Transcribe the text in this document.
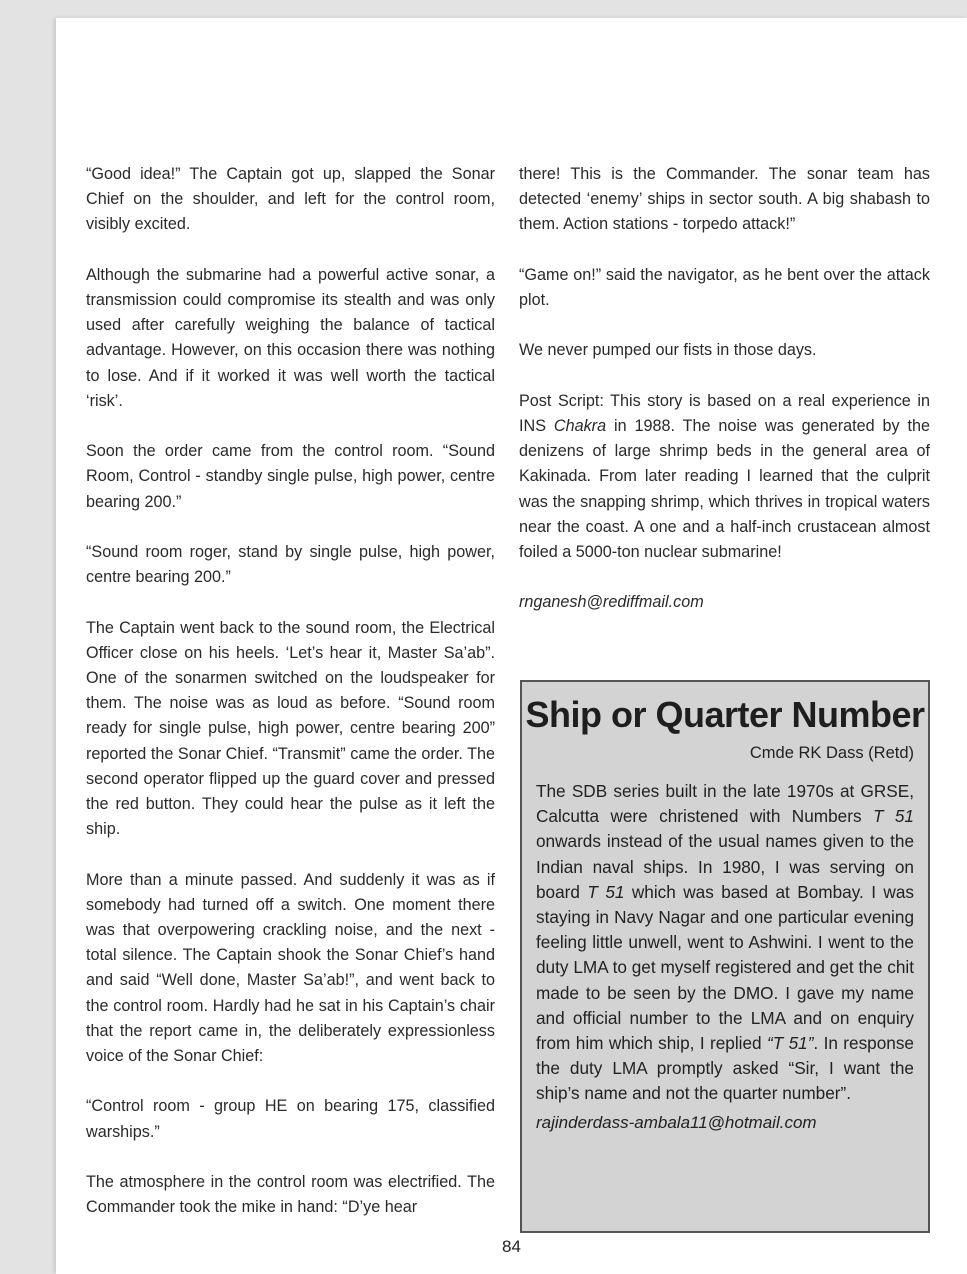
“Good idea!” The Captain got up, slapped the Sonar Chief on the shoulder, and left for the control room, visibly excited.

Although the submarine had a powerful active sonar, a transmission could compromise its stealth and was only used after carefully weighing the balance of tactical advantage. However, on this occasion there was nothing to lose. And if it worked it was well worth the tactical ‘risk’.

Soon the order came from the control room. “Sound Room, Control - standby single pulse, high power, centre bearing 200.”

“Sound room roger, stand by single pulse, high power, centre bearing 200.”

The Captain went back to the sound room, the Electrical Officer close on his heels. ‘Let’s hear it, Master Sa’ab”. One of the sonarmen switched on the loudspeaker for them. The noise was as loud as before. “Sound room ready for single pulse, high power, centre bearing 200” reported the Sonar Chief. “Transmit” came the order. The second operator flipped up the guard cover and pressed the red button. They could hear the pulse as it left the ship.

More than a minute passed. And suddenly it was as if somebody had turned off a switch. One moment there was that overpowering crackling noise, and the next - total silence. The Captain shook the Sonar Chief’s hand and said “Well done, Master Sa’ab!”, and went back to the control room. Hardly had he sat in his Captain’s chair that the report came in, the deliberately expressionless voice of the Sonar Chief:

“Control room - group HE on bearing 175, classified warships.”

The atmosphere in the control room was electrified. The Commander took the mike in hand: “D’ye hear

there! This is the Commander. The sonar team has detected ‘enemy’ ships in sector south. A big shabash to them. Action stations - torpedo attack!”

“Game on!” said the navigator, as he bent over the attack plot.

We never pumped our fists in those days.

Post Script: This story is based on a real experience in INS Chakra in 1988. The noise was generated by the denizens of large shrimp beds in the general area of Kakinada. From later reading I learned that the culprit was the snapping shrimp, which thrives in tropical waters near the coast. A one and a half-inch crustacean almost foiled a 5000-ton nuclear submarine!

rnganesh@rediffmail.com

Ship or Quarter Number
Cmde RK Dass (Retd)
The SDB series built in the late 1970s at GRSE, Calcutta were christened with Numbers T 51 onwards instead of the usual names given to the Indian naval ships. In 1980, I was serving on board T 51 which was based at Bombay. I was staying in Navy Nagar and one particular evening feeling little unwell, went to Ashwini. I went to the duty LMA to get myself registered and get the chit made to be seen by the DMO. I gave my name and official number to the LMA and on enquiry from him which ship, I replied “T 51”. In response the duty LMA promptly asked “Sir, I want the ship’s name and not the quarter number”.
rajinderdass-ambala11@hotmail.com
84
